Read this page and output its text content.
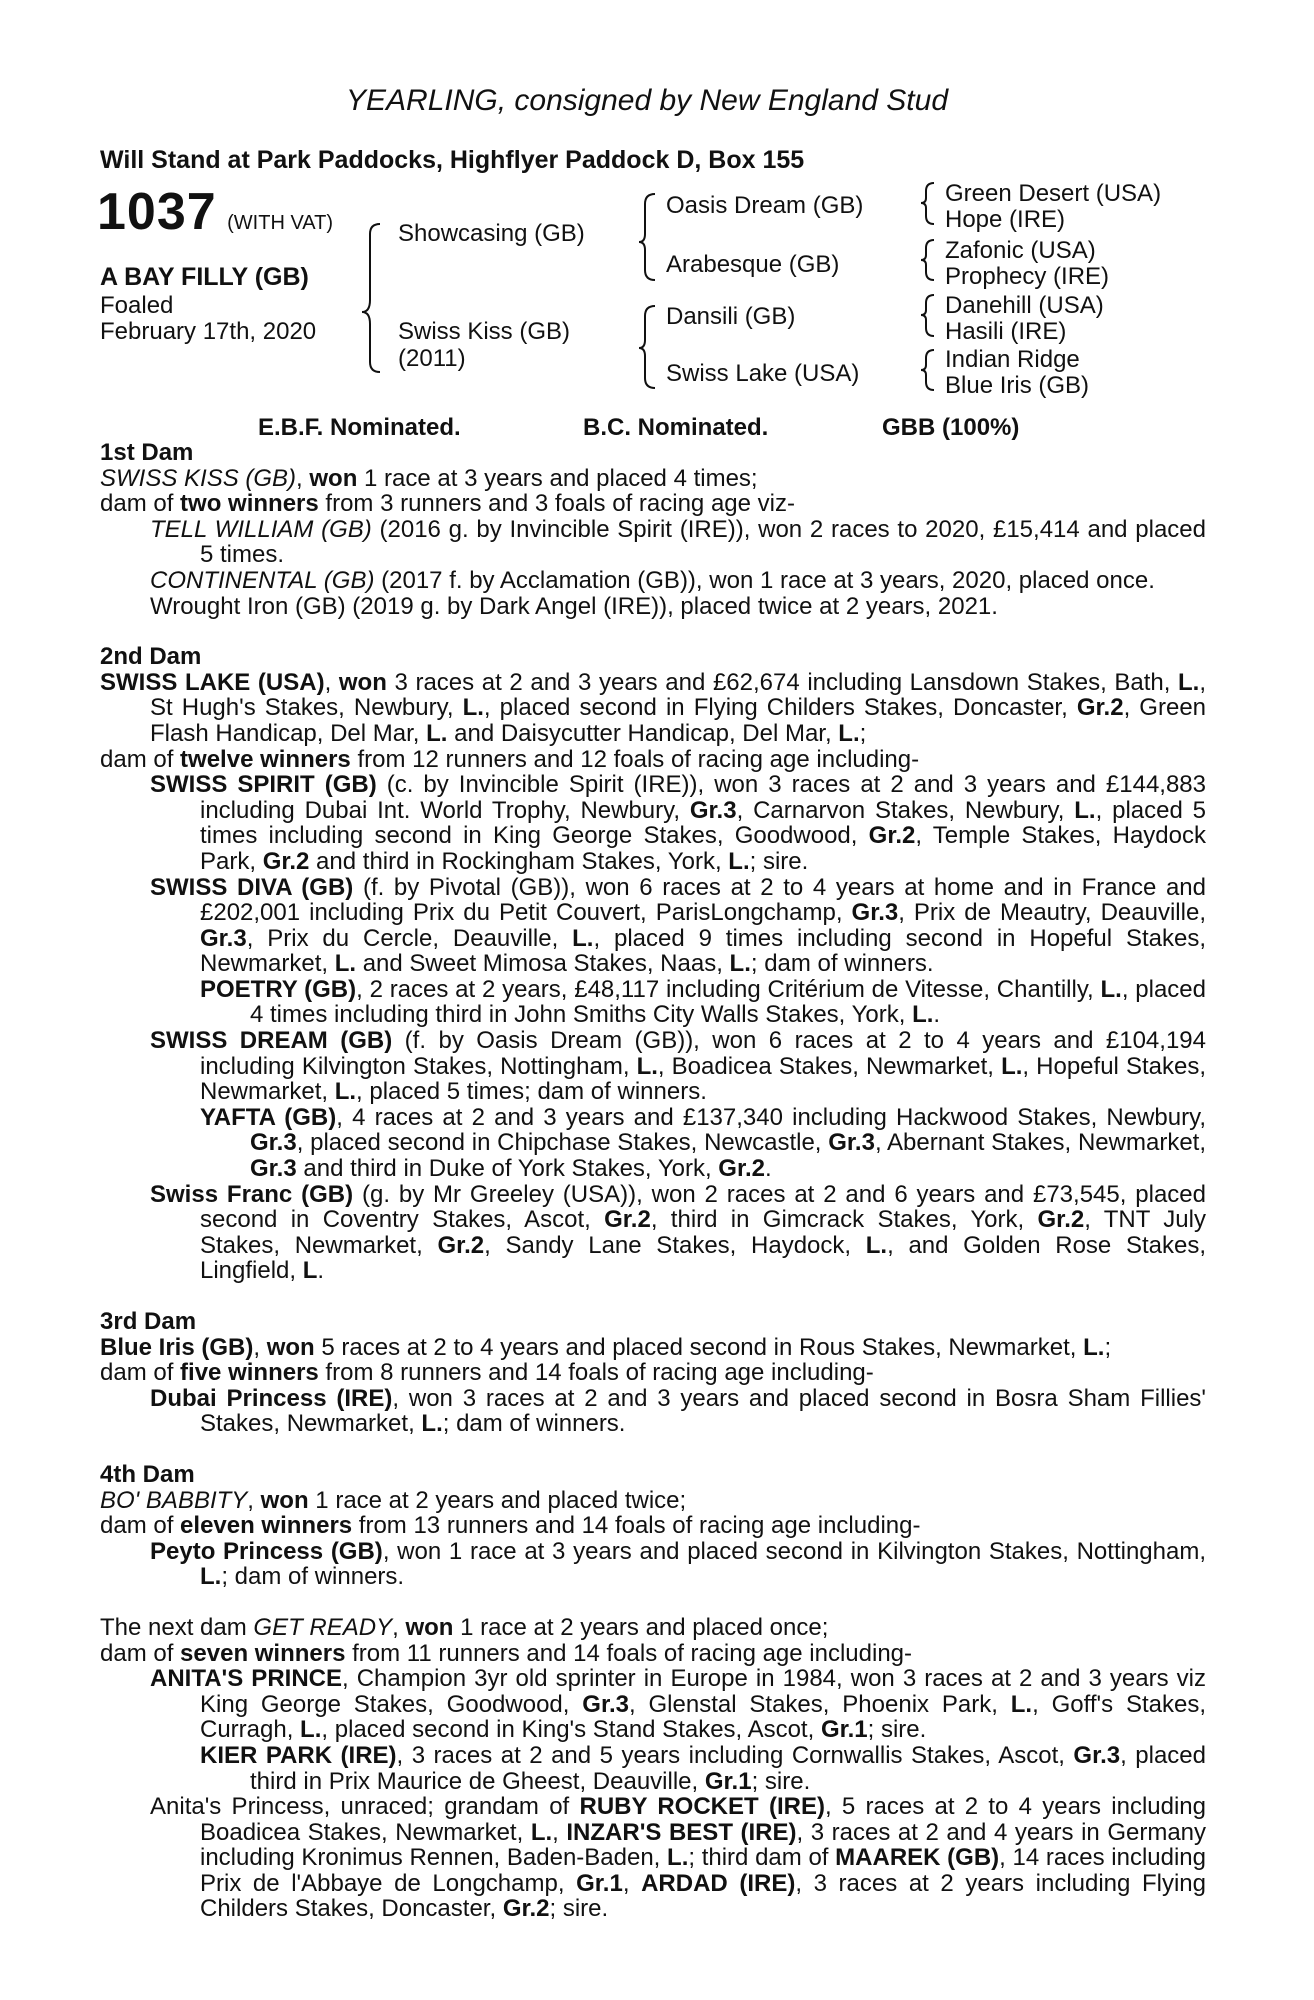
YEARLING, consigned by New England Stud
Will Stand at Park Paddocks, Highflyer Paddock D, Box 155
1037 (WITH VAT)
A BAY FILLY (GB)
Foaled
February 17th, 2020
Showcasing (GB)
Swiss Kiss (GB)
(2011)
Oasis Dream (GB)
Arabesque (GB)
Dansili (GB)
Swiss Lake (USA)
Green Desert (USA)
Hope (IRE)
Zafonic (USA)
Prophecy (IRE)
Danehill (USA)
Hasili (IRE)
Indian Ridge
Blue Iris (GB)
E.B.F. Nominated.	B.C. Nominated.	GBB (100%)

1st Dam

SWISS KISS (GB), won 1 race at 3 years and placed 4 times;

dam of two winners from 3 runners and 3 foals of racing age viz-

TELL WILLIAM (GB) (2016 g. by Invincible Spirit (IRE)), won 2 races to 2020, £15,414 and placed 5 times.

CONTINENTAL (GB) (2017 f. by Acclamation (GB)), won 1 race at 3 years, 2020, placed once.

Wrought Iron (GB) (2019 g. by Dark Angel (IRE)), placed twice at 2 years, 2021.

2nd Dam

SWISS LAKE (USA), won 3 races at 2 and 3 years and £62,674 including Lansdown Stakes, Bath, L., St Hugh's Stakes, Newbury, L., placed second in Flying Childers Stakes, Doncaster, Gr.2, Green Flash Handicap, Del Mar, L. and Daisycutter Handicap, Del Mar, L.;

dam of twelve winners from 12 runners and 12 foals of racing age including-

SWISS SPIRIT (GB) (c. by Invincible Spirit (IRE)), won 3 races at 2 and 3 years and £144,883 including Dubai Int. World Trophy, Newbury, Gr.3, Carnarvon Stakes, Newbury, L., placed 5 times including second in King George Stakes, Goodwood, Gr.2, Temple Stakes, Haydock Park, Gr.2 and third in Rockingham Stakes, York, L.; sire.

SWISS DIVA (GB) (f. by Pivotal (GB)), won 6 races at 2 to 4 years at home and in France and £202,001 including Prix du Petit Couvert, ParisLongchamp, Gr.3, Prix de Meautry, Deauville, Gr.3, Prix du Cercle, Deauville, L., placed 9 times including second in Hopeful Stakes, Newmarket, L. and Sweet Mimosa Stakes, Naas, L.; dam of winners.

POETRY (GB), 2 races at 2 years, £48,117 including Critérium de Vitesse, Chantilly, L., placed 4 times including third in John Smiths City Walls Stakes, York, L..

SWISS DREAM (GB) (f. by Oasis Dream (GB)), won 6 races at 2 to 4 years and £104,194 including Kilvington Stakes, Nottingham, L., Boadicea Stakes, Newmarket, L., Hopeful Stakes, Newmarket, L., placed 5 times; dam of winners.

YAFTA (GB), 4 races at 2 and 3 years and £137,340 including Hackwood Stakes, Newbury, Gr.3, placed second in Chipchase Stakes, Newcastle, Gr.3, Abernant Stakes, Newmarket, Gr.3 and third in Duke of York Stakes, York, Gr.2.

Swiss Franc (GB) (g. by Mr Greeley (USA)), won 2 races at 2 and 6 years and £73,545, placed second in Coventry Stakes, Ascot, Gr.2, third in Gimcrack Stakes, York, Gr.2, TNT July Stakes, Newmarket, Gr.2, Sandy Lane Stakes, Haydock, L., and Golden Rose Stakes, Lingfield, L.

3rd Dam

Blue Iris (GB), won 5 races at 2 to 4 years and placed second in Rous Stakes, Newmarket, L.;

dam of five winners from 8 runners and 14 foals of racing age including-

Dubai Princess (IRE), won 3 races at 2 and 3 years and placed second in Bosra Sham Fillies' Stakes, Newmarket, L.; dam of winners.

4th Dam

BO' BABBITY, won 1 race at 2 years and placed twice;

dam of eleven winners from 13 runners and 14 foals of racing age including-

Peyto Princess (GB), won 1 race at 3 years and placed second in Kilvington Stakes, Nottingham, L.; dam of winners.

The next dam GET READY, won 1 race at 2 years and placed once;

dam of seven winners from 11 runners and 14 foals of racing age including-

ANITA'S PRINCE, Champion 3yr old sprinter in Europe in 1984, won 3 races at 2 and 3 years viz King George Stakes, Goodwood, Gr.3, Glenstal Stakes, Phoenix Park, L., Goff's Stakes, Curragh, L., placed second in King's Stand Stakes, Ascot, Gr.1; sire.

KIER PARK (IRE), 3 races at 2 and 5 years including Cornwallis Stakes, Ascot, Gr.3, placed third in Prix Maurice de Gheest, Deauville, Gr.1; sire.

Anita's Princess, unraced; grandam of RUBY ROCKET (IRE), 5 races at 2 to 4 years including Boadicea Stakes, Newmarket, L., INZAR'S BEST (IRE), 3 races at 2 and 4 years in Germany including Kronimus Rennen, Baden-Baden, L.; third dam of MAAREK (GB), 14 races including Prix de l'Abbaye de Longchamp, Gr.1, ARDAD (IRE), 3 races at 2 years including Flying Childers Stakes, Doncaster, Gr.2; sire.
